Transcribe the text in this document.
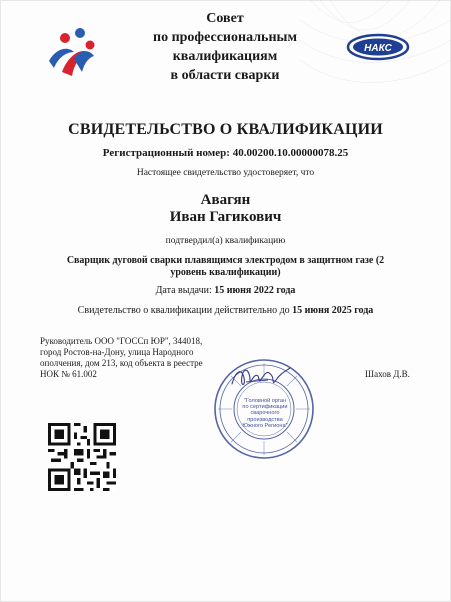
Совет
по профессиональным квалификациям
в области сварки
НАКС
СВИДЕТЕЛЬСТВО О КВАЛИФИКАЦИИ
Регистрационный номер: 40.00200.10.00000078.25
Настоящее свидетельство удостоверяет, что
Авагян
Иван Гагикович
подтвердил(а) квалификацию
Сварщик дуговой сварки плавящимся электродом в защитном газе (2 уровень квалификации)
Дата выдачи: 15 июня 2022 года
Свидетельство о квалификации действительно до 15 июня 2025 года
Руководитель ООО "ГОССп ЮР", 344018,
город Ростов-на-Дону, улица Народного
ополчения, дом 213, код объекта в реестре
НОК № 61.002
"Головной орган
по сертификации
сварочного
производства
Южного Региона"
Шахов Д.В.
